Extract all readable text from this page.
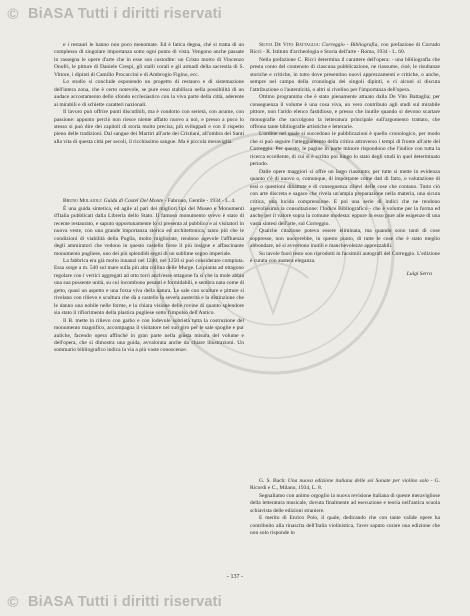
© BiASA Tutti i diritti riservati

e i restauri le hanno non poco menomate. Ed è fatica degna, ché si tratta di un complesso di singolare importanza sotto ogni punto di vista. Vengono anche passate in rassegna le opere d'arte che in esse son custodite: un Cristo morto di Vincenzo Onofri, le pitture di Daniele Crespi, gli stalli corali e gli armadi della sacrestia di S. Vittore, i dipinti di Camillo Procaccini e di Ambrogio Figino, ecc.

Lo studio si conclude esponendo un progetto di restauro e di sistemazione dell'intera zona, che è certo notevole, se pure esso stabilisca nella possibilità di un audace accostamento dello sfondo ecclesiastico con la viva parte della città, aderente ai mirabili e di schiette caratteri nazionali.

Il lavoro può offrire punti discutibili, ma è condotto con serietà, con acume, con passione: appunto perciò non riesce niente affatto nuovo a noi, e presso a poco lo stesso si può dire dei capitoli di storia molto precisa, più sviluppati e con il rispetto pieno delle tradizioni. Dal sangue dei Martiri all'arte dei Cristiani, all'ombra dei Santi alla vita di questa città per secoli, il ricchissimo sangue. Ma è piccola meraviglia.

Bruno Molajoli: Guida di Castel Del Monte - Fabrono, Gentile - 1934 - L. 4.

È una guida sintetica, ed agile al pari dei migliori tipi del Museo e Monumenti d'Italia pubblicati dalla Libreria dello Stato. Il famoso monumento svevo è stato di recente restaurato, e saputo opportunamente lo si presenta al pubblico e ai visitatori in nuova veste, con una grande importanza storica ed architettonica, tanto più che le condizioni di viabilità della Puglia, molto migliorate, rendono agevole l'affluenza degli ammiratori che vedono in questo castello forse il più insigne e affascinante monumento pugliese, uno dei più splendidi segni di un sublime sogno imperiale.

La fabbrica era già molto innanzi nel 1240, nel 1250 si può considerare compiuta. Essa sorge a m. 540 sul mare sulla più alta collina delle Murge. La pianta ad ottagono regolare con i vertici aggregati ad otto torri anch'esse ottagone fa sì che la mole abbia una sua possente unità, su cui incombono pesanti e formidabili, e sembra nata come di getto, quasi un aspetto e una forza viva della natura. Le sale con sculture e pitture si rivelano con rilievo e scultura che dà a castello la severa austerità e la distinzione che le danno una nobile nelle forme, e la chiara visione delle rovine di quanto splendore sia stato il rifiorimento della plastica pugliese sotto l'impulso dell'Antico.

Il B. mette in rilievo con garbo e con lodevole sobrietà tutta la costruzione del monumento magnifico, accompagna il visitatore nel suo giro per le sale spoglie e pur auliche, facendo opera affinché in gran parte nella giusta misura del volume e dell'opera, che si dimostra una guida, avvalorata anche da chiare illustrazioni. Un sommario bibliografico indica la via a più vaste conoscenze.

Silvia De Vito Battaglia: Correggio - Bibliografia, con prefazione di Corrado Ricci - R. Istituto d'archeologia e Storia dell'arte - Roma, 1934 - L. 60.

Nella prefazione C. Ricci determina il carattere dell'opera: - una bibliografia che presta conto del contenuto di ciascuna pubblicazione, ne riassume, cioè, le risultanze storiche e critiche, in tutto dove presentino nuovi apprezzamenti e critiche, o anche, sempre nel campo della cronologia dei singoli dipinti, o ci alcuni si discuta l'attribuzione o l'autenticità, o altri si rivelino per l'importanza dell'opera.

Ottimo programma che è stato pienamente attuato dalla De Vito Battaglia; per conseguenza il volume è una cosa viva, un vero contributo agli studi sul mirabile pittore, non l'arido elenco fastidioso, e presso che inutile quando si devono scartare monografie che raccolgono la letteratura principale sull'argomento trattato, che offrono tante bibliografie artistiche e letterarie.

L'ordine nel quale si succedono le pubblicazioni è quello cronologico, per modo che si può seguire l'atteggiamento della critica attraverso i tempi di fronte all'arte del Correggio. Per questo, le pagine in parte minore rispondono che l'indice con tutta la ricerca eccellente, di cui si è scritto poi lungo lo stato degli studi in quel determinato periodo.

Dalle opere maggiori si offre un largo riassunto; per tutte si mette in evidenza quanto c'è di nuovo o, comunque, di importante come dati di fatto, o valutazione di essi o questioni dibattute e di conseguenza rilievi delle cose che contano. Tutto ciò con arte discreta e sagace che rivela un'ampia preparazione nella materia, una sicura critica, una lucida comprensione. E poi una serie di indici che ne rendono agevolissima la consultazione: l'Indice Bibliografico - che è volume per la forma ed anche per il valore sopra la comune modesta: eppure in esso pure alle esigenze di una vasta sintesi dell'arte, sul Correggio.

Qualche citazione poteva essere eliminata, ma quando sono tanti di cose soppresse, non nuocerebbe, in questo punto, di tutte le cose che è stato meglio abbondare, né si avvertono inutili e manchevolezze apprezzabili.

Su tavole fuori testo son riprodotti in facsimili autografi del Correggio. L'edizione è curata con austera eleganza.

Luigi Serra

G. S. Bach: Una nuova edizione italiana delle sei Sonate per violino solo - G. Ricordi e C., Milano, 1934, L. 8.

Segnaliamo con animo orgoglio la nuova revisione italiana di queste meravigliose della letteratura musicale, dovuta finalmente ad esecuzione e teoria nell'antica scuola schiavista delle edizioni straniere.

E merito di Enrico Polo, il quale, dedicando che con tante valide opere ha contribuito alla rinascita dell'Italia violinistica, l'aver saputo curare una edizione che non solo risponde in

- 137 -
© BiASA Tutti i diritti riservati
